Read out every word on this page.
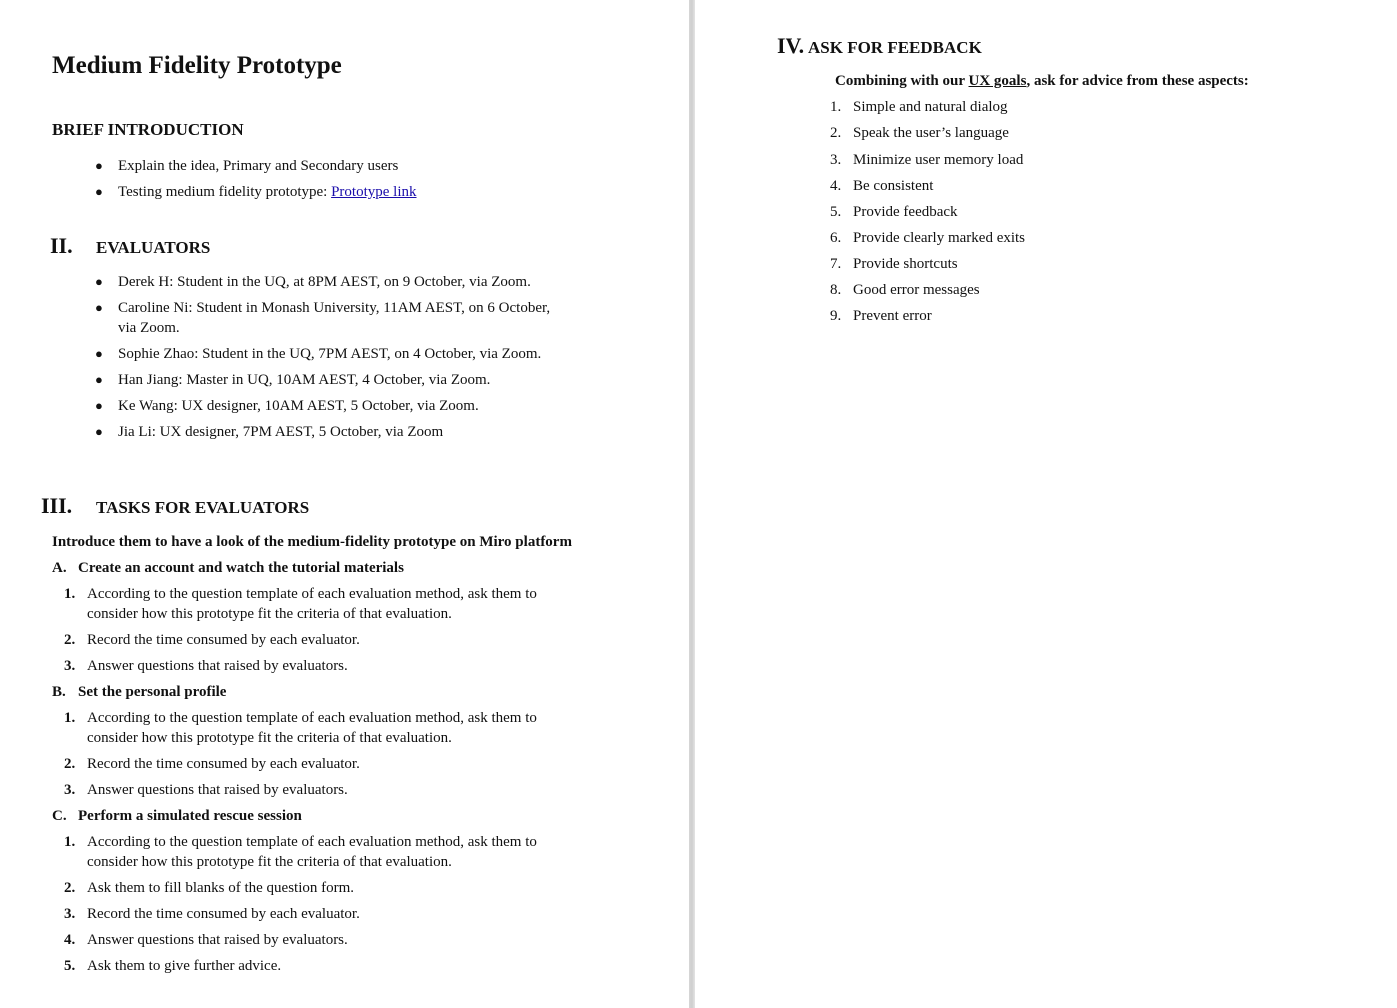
Medium Fidelity Prototype
BRIEF INTRODUCTION
● Explain the idea, Primary and Secondary users
● Testing medium fidelity prototype: Prototype link
II. EVALUATORS
● Derek H: Student in the UQ, at 8PM AEST, on 9 October, via Zoom.
● Caroline Ni: Student in Monash University, 11AM AEST, on 6 October,
via Zoom.
● Sophie Zhao: Student in the UQ, 7PM AEST, on 4 October, via Zoom.
● Han Jiang: Master in UQ, 10AM AEST, 4 October, via Zoom.
● Ke Wang: UX designer, 10AM AEST, 5 October, via Zoom.
● Jia Li: UX designer, 7PM AEST, 5 October, via Zoom
III. TASKS FOR EVALUATORS
Introduce them to have a look of the medium-fidelity prototype on Miro platform
A. Create an account and watch the tutorial materials
1. According to the question template of each evaluation method, ask them to
consider how this prototype fit the criteria of that evaluation.
2. Record the time consumed by each evaluator.
3. Answer questions that raised by evaluators.
B. Set the personal profile
1. According to the question template of each evaluation method, ask them to
consider how this prototype fit the criteria of that evaluation.
2. Record the time consumed by each evaluator.
3. Answer questions that raised by evaluators.
C. Perform a simulated rescue session
1. According to the question template of each evaluation method, ask them to
consider how this prototype fit the criteria of that evaluation.
2. Ask them to fill blanks of the question form.
3. Record the time consumed by each evaluator.
4. Answer questions that raised by evaluators.
5. Ask them to give further advice.
IV. ASK FOR FEEDBACK
Combining with our UX goals, ask for advice from these aspects:
1. Simple and natural dialog
2. Speak the user’s language
3. Minimize user memory load
4. Be consistent
5. Provide feedback
6. Provide clearly marked exits
7. Provide shortcuts
8. Good error messages
9. Prevent error
